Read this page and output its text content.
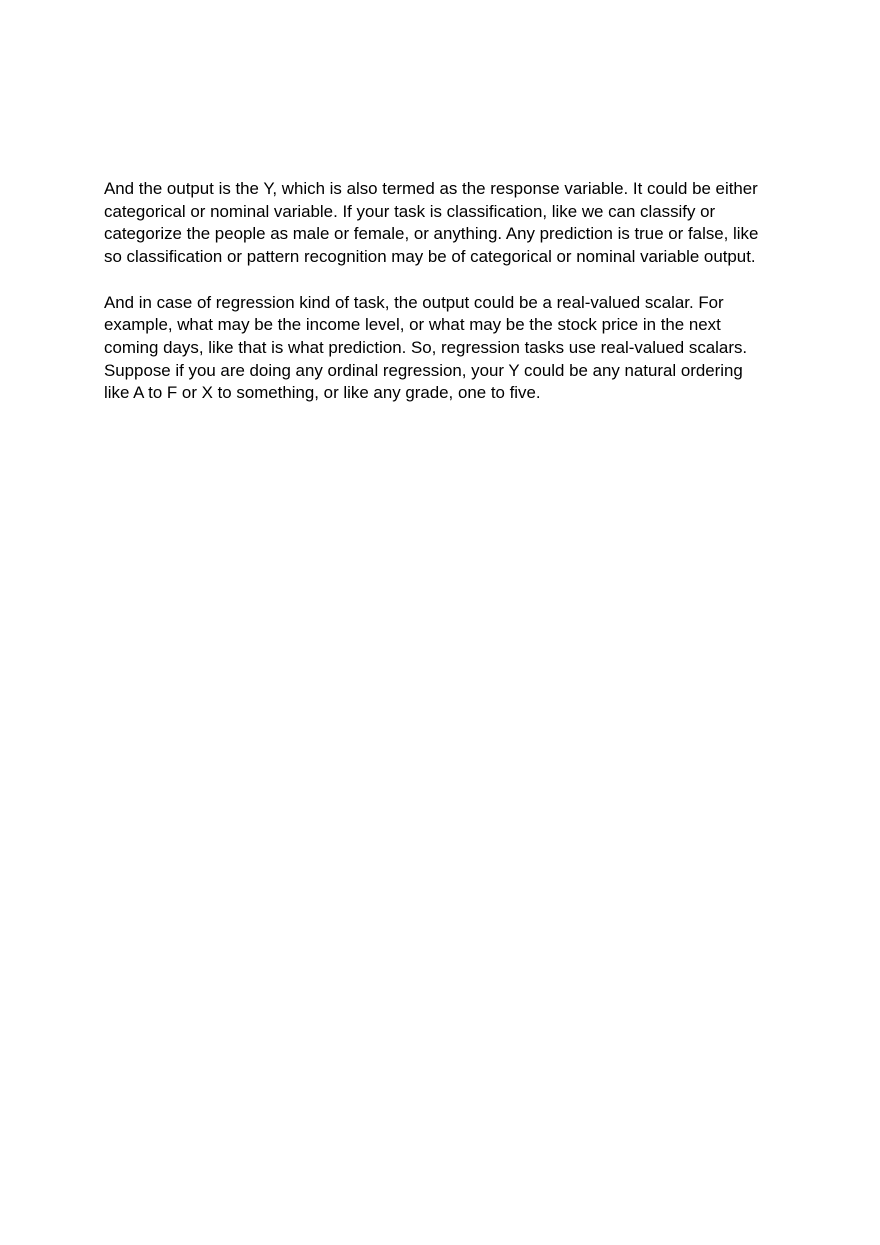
And the output is the Y, which is also termed as the response variable. It could be either
categorical or nominal variable. If your task is classification, like we can classify or
categorize the people as male or female, or anything. Any prediction is true or false, like
so classification or pattern recognition may be of categorical or nominal variable output.

And in case of regression kind of task, the output could be a real-valued scalar. For
example, what may be the income level, or what may be the stock price in the next
coming days, like that is what prediction. So, regression tasks use real-valued scalars.
Suppose if you are doing any ordinal regression, your Y could be any natural ordering
like A to F or X to something, or like any grade, one to five.
